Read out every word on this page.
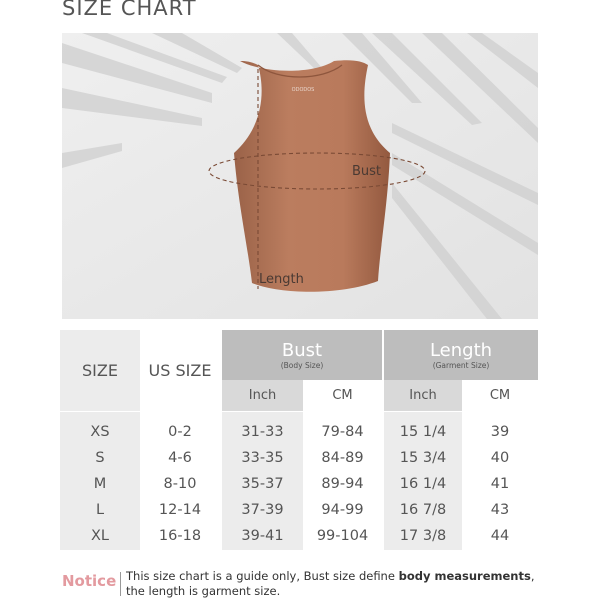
SIZE CHART
ODODOS
Bust
Length
SIZE US SIZE
Bust
(Body Size)
Length
(Garment Size)
Inch	CM	Inch	CM
XS	0-2	31-33	79-84	15 1/4	39
S	4-6	33-35	84-89	15 3/4	40
M	8-10	35-37	89-94	16 1/4	41
L	12-14	37-39	94-99	16 7/8	43
XL	16-18	39-41	99-104	17 3/8	44
Notice This size chart is a guide only, Bust size define body measurements,
the length is garment size.
